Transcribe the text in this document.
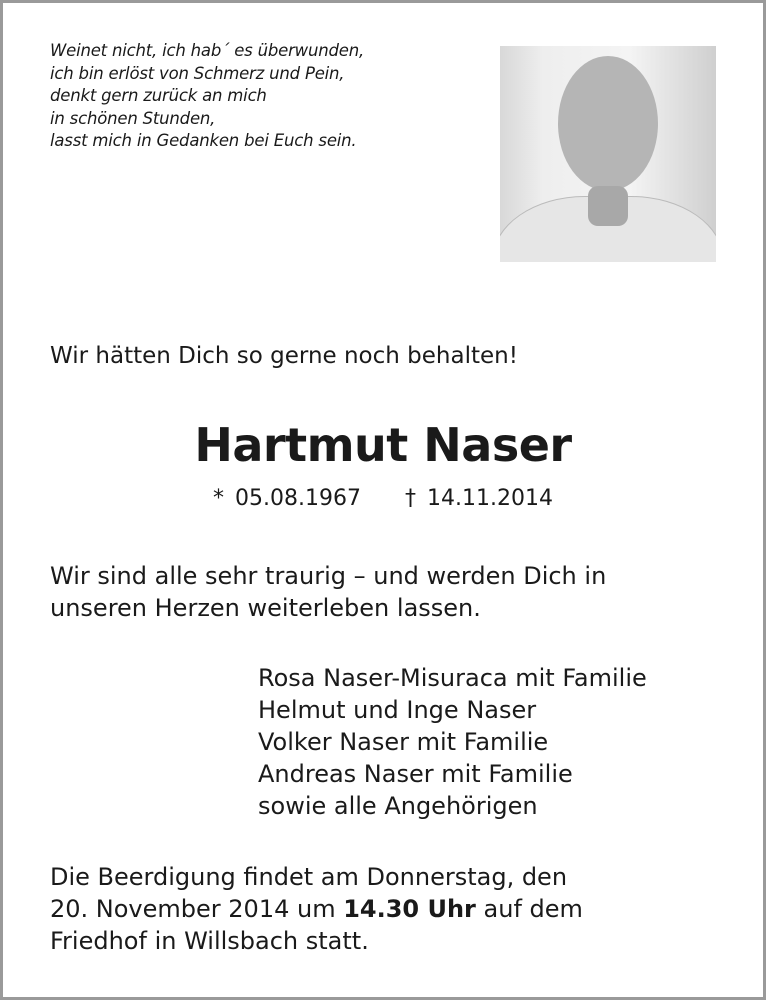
Weinet nicht, ich hab´ es überwunden,
ich bin erlöst von Schmerz und Pein,
denkt gern zurück an mich
in schönen Stunden,
lasst mich in Gedanken bei Euch sein.
Wir hätten Dich so gerne noch behalten!
Hartmut Naser
* 05.08.1967 † 14.11.2014
Wir sind alle sehr traurig – und werden Dich in
unseren Herzen weiterleben lassen.
Rosa Naser-Misuraca mit Familie
Helmut und Inge Naser
Volker Naser mit Familie
Andreas Naser mit Familie
sowie alle Angehörigen
Die Beerdigung findet am Donnerstag, den
20. November 2014 um 14.30 Uhr auf dem
Friedhof in Willsbach statt.
